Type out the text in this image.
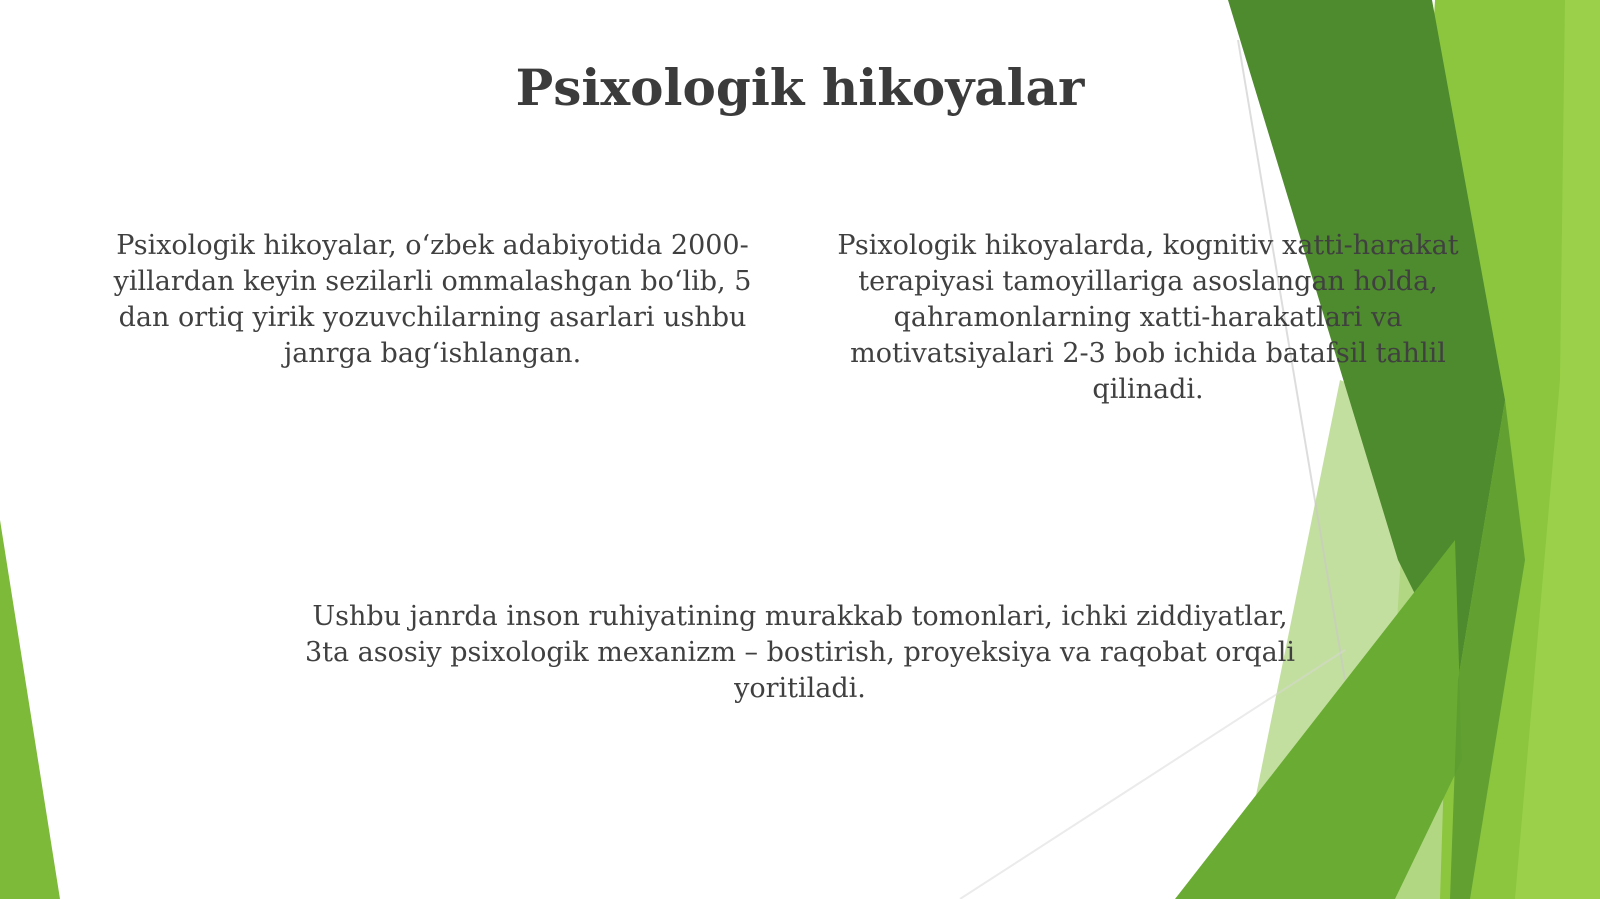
Psixologik hikoyalar

Psixologik hikoyalar, oʻzbek adabiyotida 2000-yillardan keyin sezilarli ommalashgan boʻlib, 5 dan ortiq yirik yozuvchilarning asarlari ushbu janrga bagʻishlangan.

Psixologik hikoyalarda, kognitiv xatti-harakat terapiyasi tamoyillariga asoslangan holda, qahramonlarning xatti-harakatlari va motivatsiyalari 2-3 bob ichida batafsil tahlil qilinadi.

Ushbu janrda inson ruhiyatining murakkab tomonlari, ichki ziddiyatlar, 3ta asosiy psixologik mexanizm – bostirish, proyeksiya va raqobat orqali yoritiladi.
